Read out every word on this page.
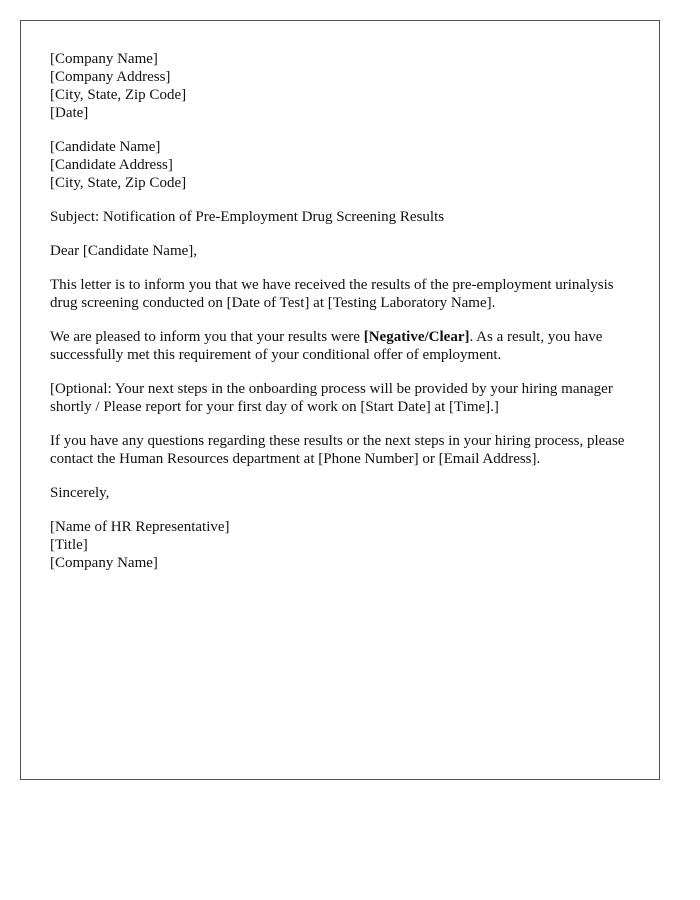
[Company Name]
[Company Address]
[City, State, Zip Code]
[Date]
[Candidate Name]
[Candidate Address]
[City, State, Zip Code]

Subject: Notification of Pre-Employment Drug Screening Results

Dear [Candidate Name],

This letter is to inform you that we have received the results of the pre-employment urinalysis drug screening conducted on [Date of Test] at [Testing Laboratory Name].

We are pleased to inform you that your results were [Negative/Clear]. As a result, you have successfully met this requirement of your conditional offer of employment.

[Optional: Your next steps in the onboarding process will be provided by your hiring manager shortly / Please report for your first day of work on [Start Date] at [Time].]

If you have any questions regarding these results or the next steps in your hiring process, please contact the Human Resources department at [Phone Number] or [Email Address].

Sincerely,

[Name of HR Representative]
[Title]
[Company Name]
